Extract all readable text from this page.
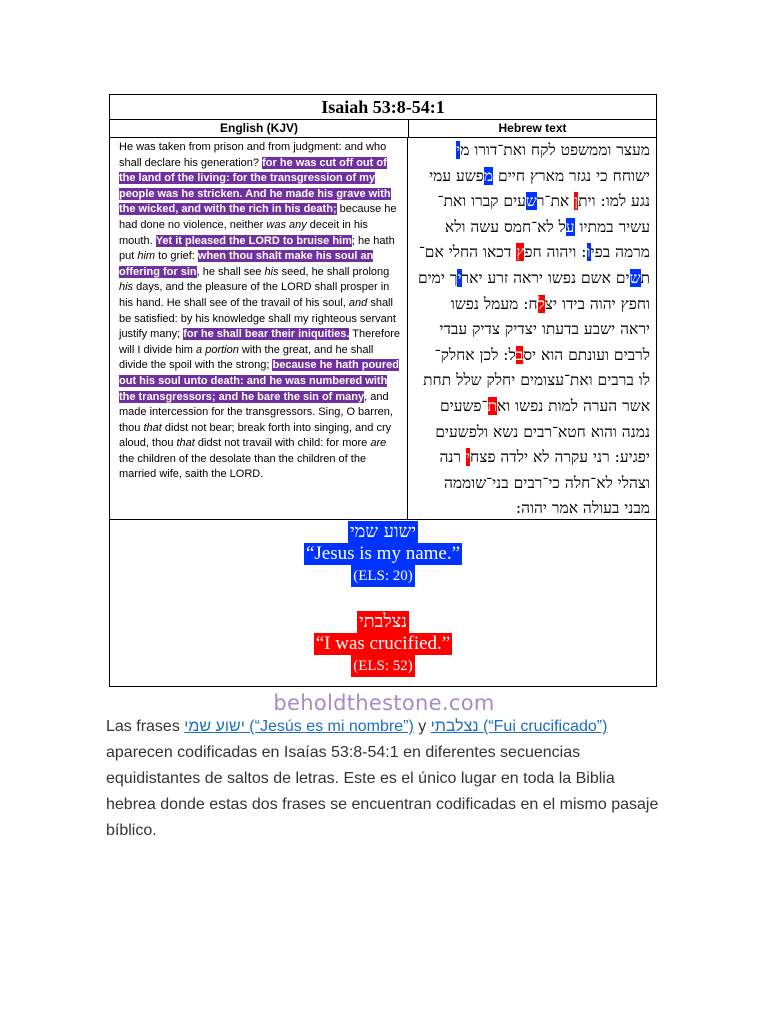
Isaiah 53:8-54:1
English (KJV)	Hebrew text
He was taken from prison and from judgment: and who shall declare his generation? for he was cut off out of the land of the living: for the transgression of my people was he stricken. And he made his grave with the wicked, and with the rich in his death; because he had done no violence, neither was any deceit in his mouth. Yet it pleased the LORD to bruise him; he hath put him to grief: when thou shalt make his soul an offering for sin, he shall see his seed, he shall prolong his days, and the pleasure of the LORD shall prosper in his hand. He shall see of the travail of his soul, and shall be satisfied: by his knowledge shall my righteous servant justify many; for he shall bear their iniquities. Therefore will I divide him a portion with the great, and he shall divide the spoil with the strong; because he hath poured out his soul unto death: and he was numbered with the transgressors; and he bare the sin of many, and made intercession for the transgressors. Sing, O barren, thou that didst not bear; break forth into singing, and cry aloud, thou that didst not travail with child: for more are the children of the desolate than the children of the married wife, saith the LORD.
מעצר וממשפט לקח ואת־דורו מי
ישוחח כי נגזר מארץ חיים מפשע עמי
נגע למו: ויתן את־רשעים קברו ואת־
עשיר במתיו על לא־חמס עשה ולא
מרמה בפיו: ויהוה חפץ דכאו החלי אם־
תשים אשם נפשו יראה זרע יאריך ימים
וחפץ יהוה בידו יצלח: מעמל נפשו
יראה ישבע בדעתו יצדיק צדיק עבדי
לרבים ועונתם הוא יסבל: לכן אחלק־
לו ברבים ואת־עצומים יחלק שלל תחת
אשר הערה למות נפשו ואת־פשעים
נמנה והוא חטא־רבים נשא ולפשעים
יפגיע: רני עקרה לא ילדה פצחי רנה
וצהלי לא־חלה כי־רבים בני־שוממה
מבני בעולה אמר יהוה:
ישוע שמי
“Jesus is my name.”
(ELS: 20)
נצלבתי
“I was crucified.”
(ELS: 52)
beholdthestone.com
Las frases ישוע שמי (“Jesús es mi nombre”) y נצלבתי (“Fui crucificado”) aparecen codificadas en Isaías 53:8-54:1 en diferentes secuencias equidistantes de saltos de letras. Este es el único lugar en toda la Biblia hebrea donde estas dos frases se encuentran codificadas en el mismo pasaje bíblico.
